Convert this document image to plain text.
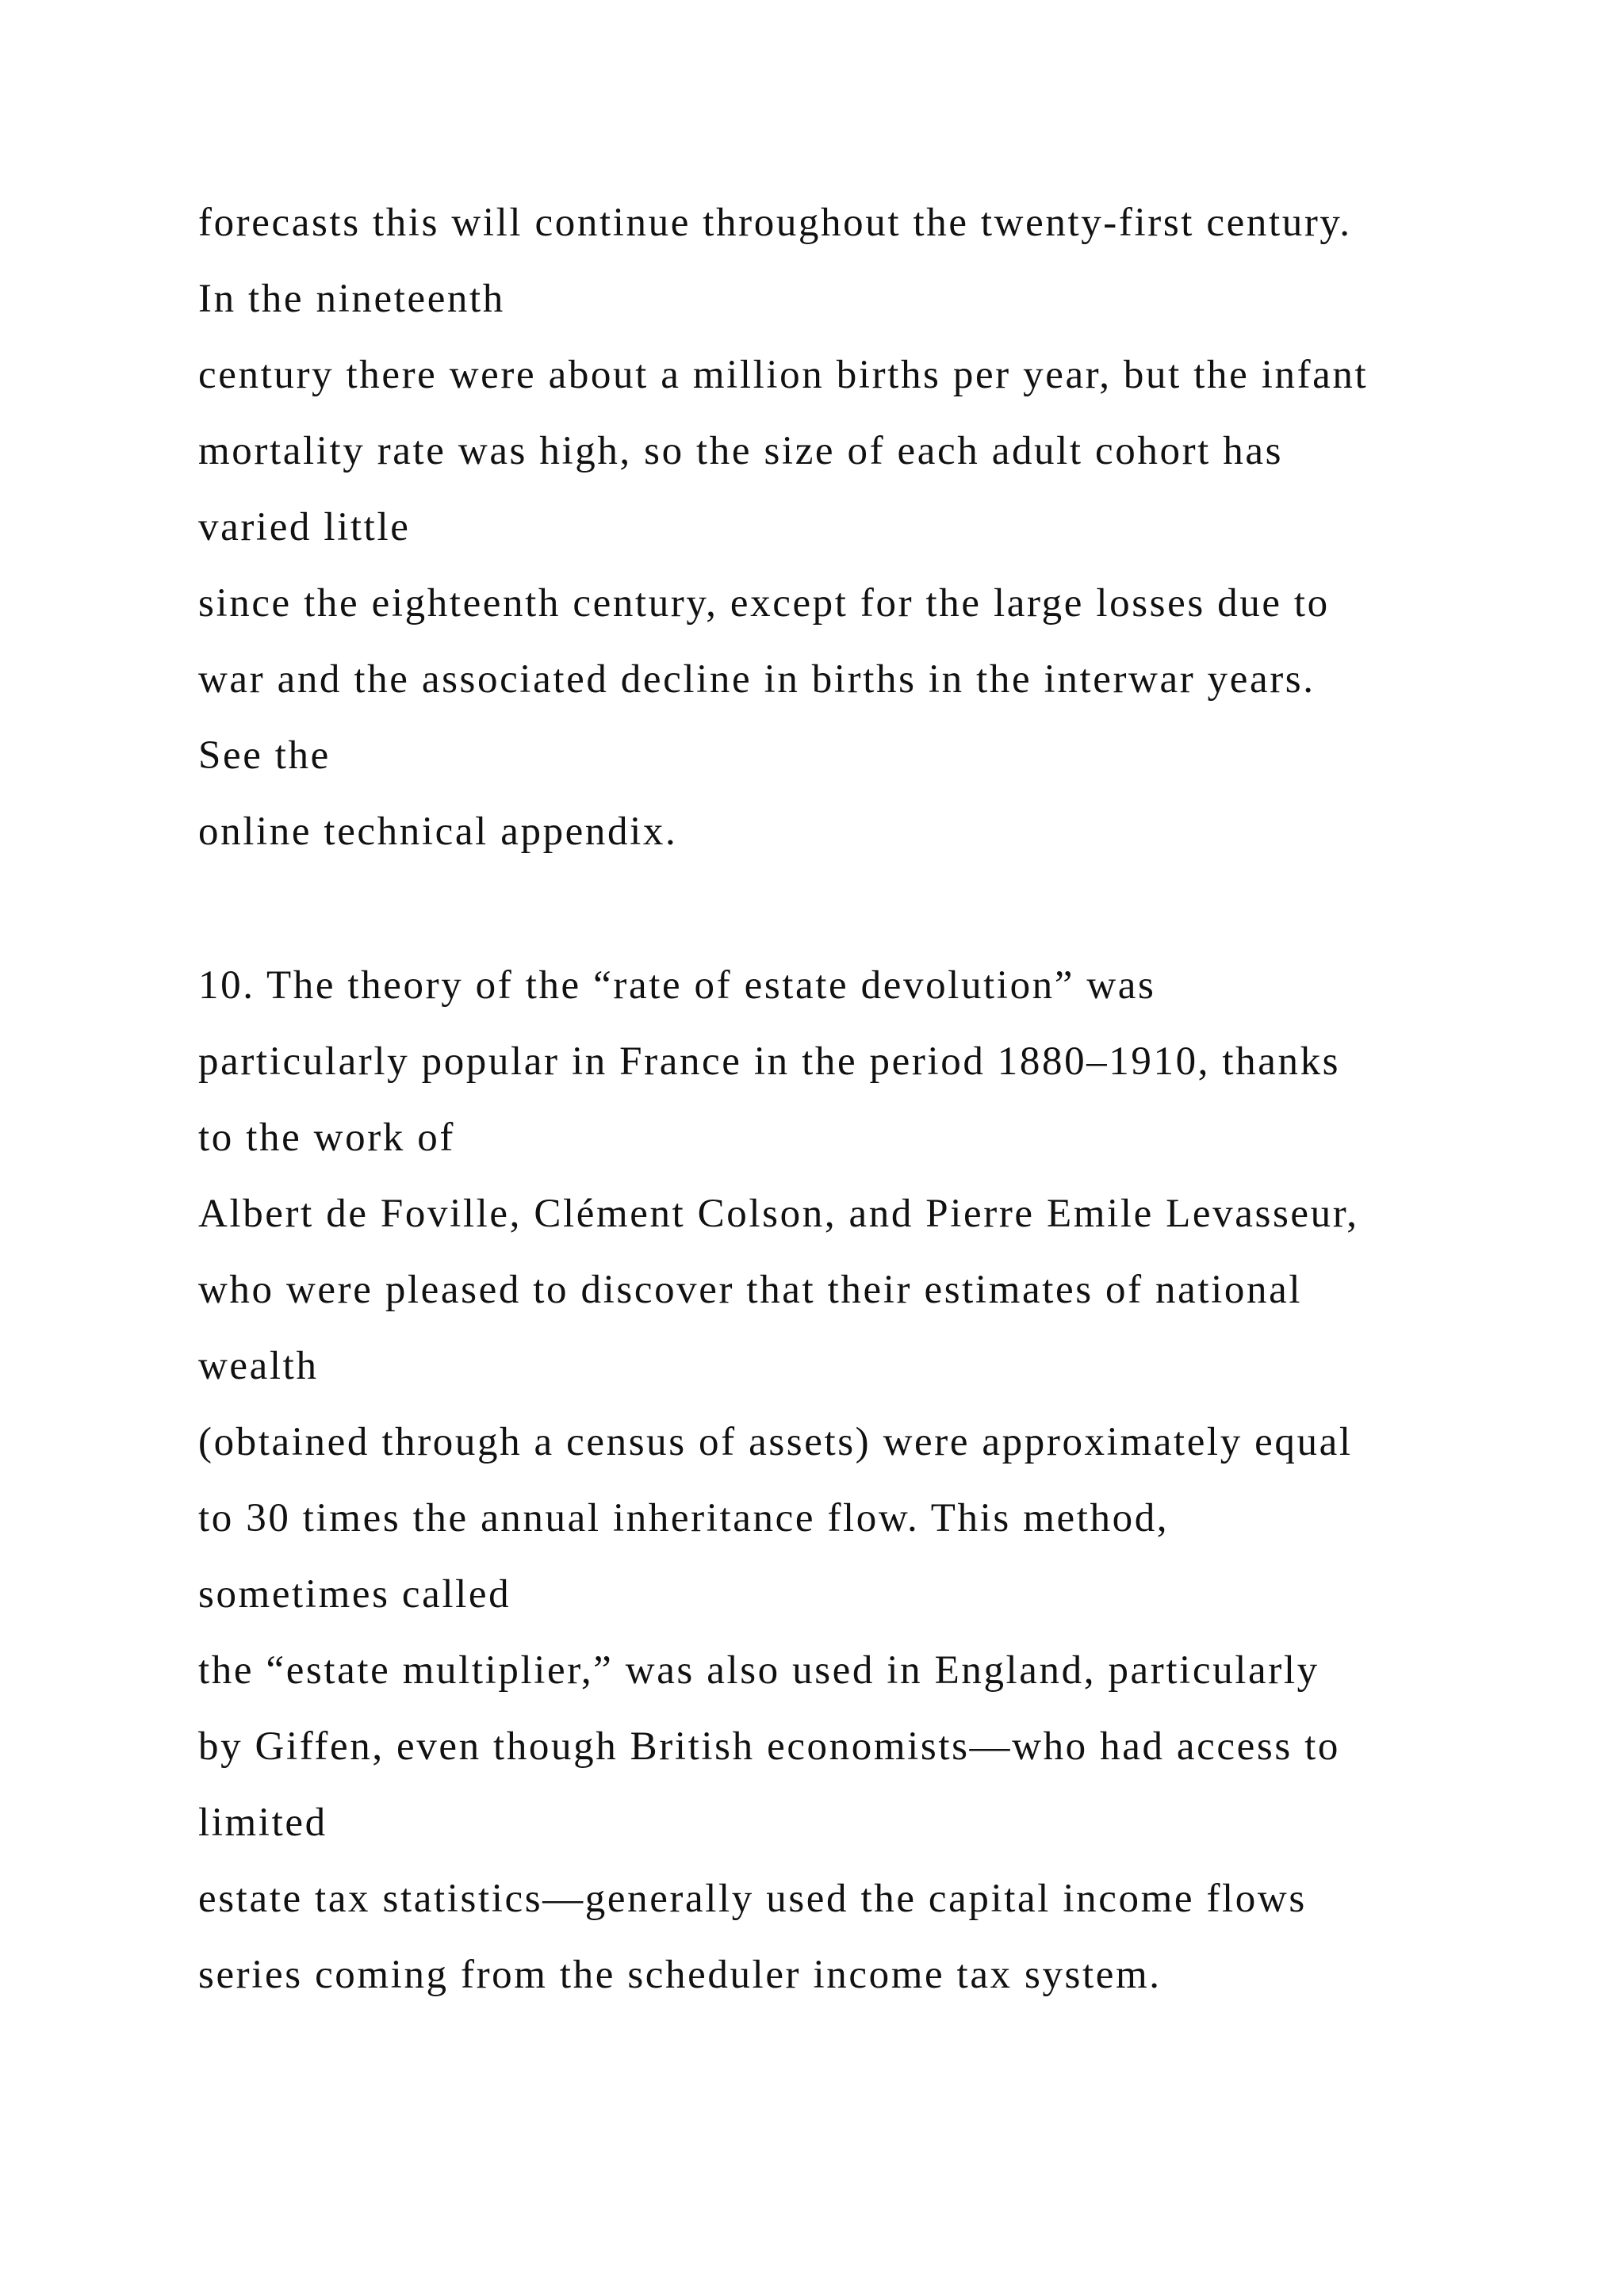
forecasts this will continue throughout the twenty-first century.
In the nineteenth
century there were about a million births per year, but the infant
mortality rate was high, so the size of each adult cohort has
varied little
since the eighteenth century, except for the large losses due to
war and the associated decline in births in the interwar years.
See the
online technical appendix.
10. The theory of the “rate of estate devolution” was
particularly popular in France in the period 1880–1910, thanks
to the work of
Albert de Foville, Clément Colson, and Pierre Emile Levasseur,
who were pleased to discover that their estimates of national
wealth
(obtained through a census of assets) were approximately equal
to 30 times the annual inheritance flow. This method,
sometimes called
the “estate multiplier,” was also used in England, particularly
by Giffen, even though British economists—who had access to
limited
estate tax statistics—generally used the capital income flows
series coming from the scheduler income tax system.
